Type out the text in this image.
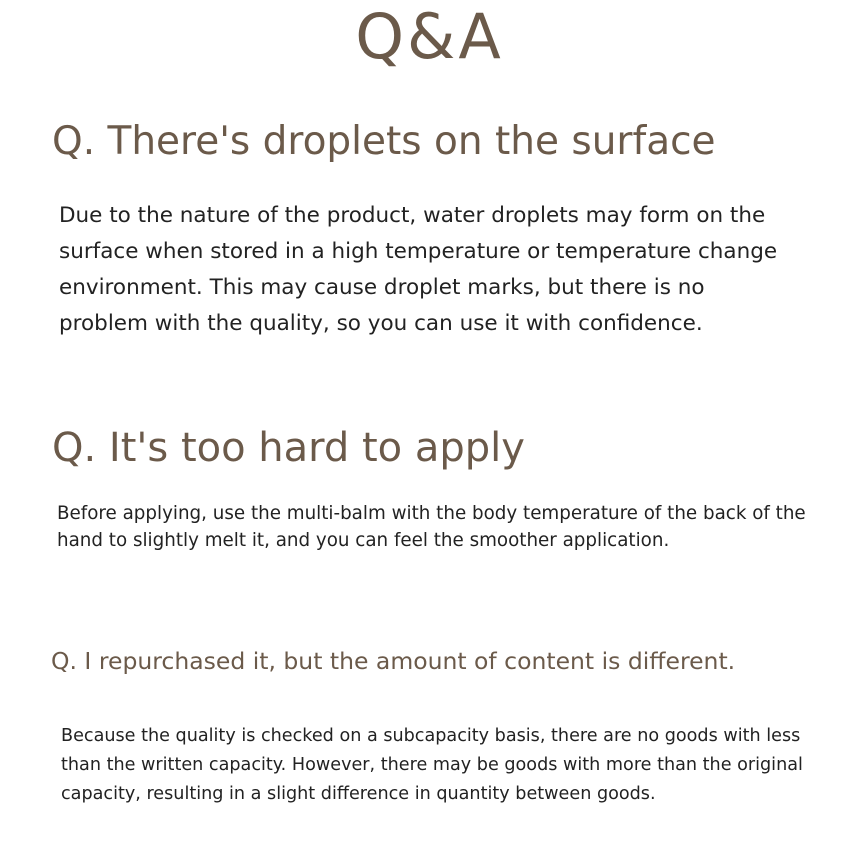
Q&A
Q. There's droplets on the surface

Due to the nature of the product, water droplets may form on the surface when stored in a high temperature or temperature change environment. This may cause droplet marks, but there is no problem with the quality, so you can use it with confidence.

Q. It's too hard to apply

Before applying, use the multi-balm with the body temperature of the back of the hand to slightly melt it, and you can feel the smoother application.

Q. I repurchased it, but the amount of content is different.

Because the quality is checked on a subcapacity basis, there are no goods with less than the written capacity. However, there may be goods with more than the original capacity, resulting in a slight difference in quantity between goods.
